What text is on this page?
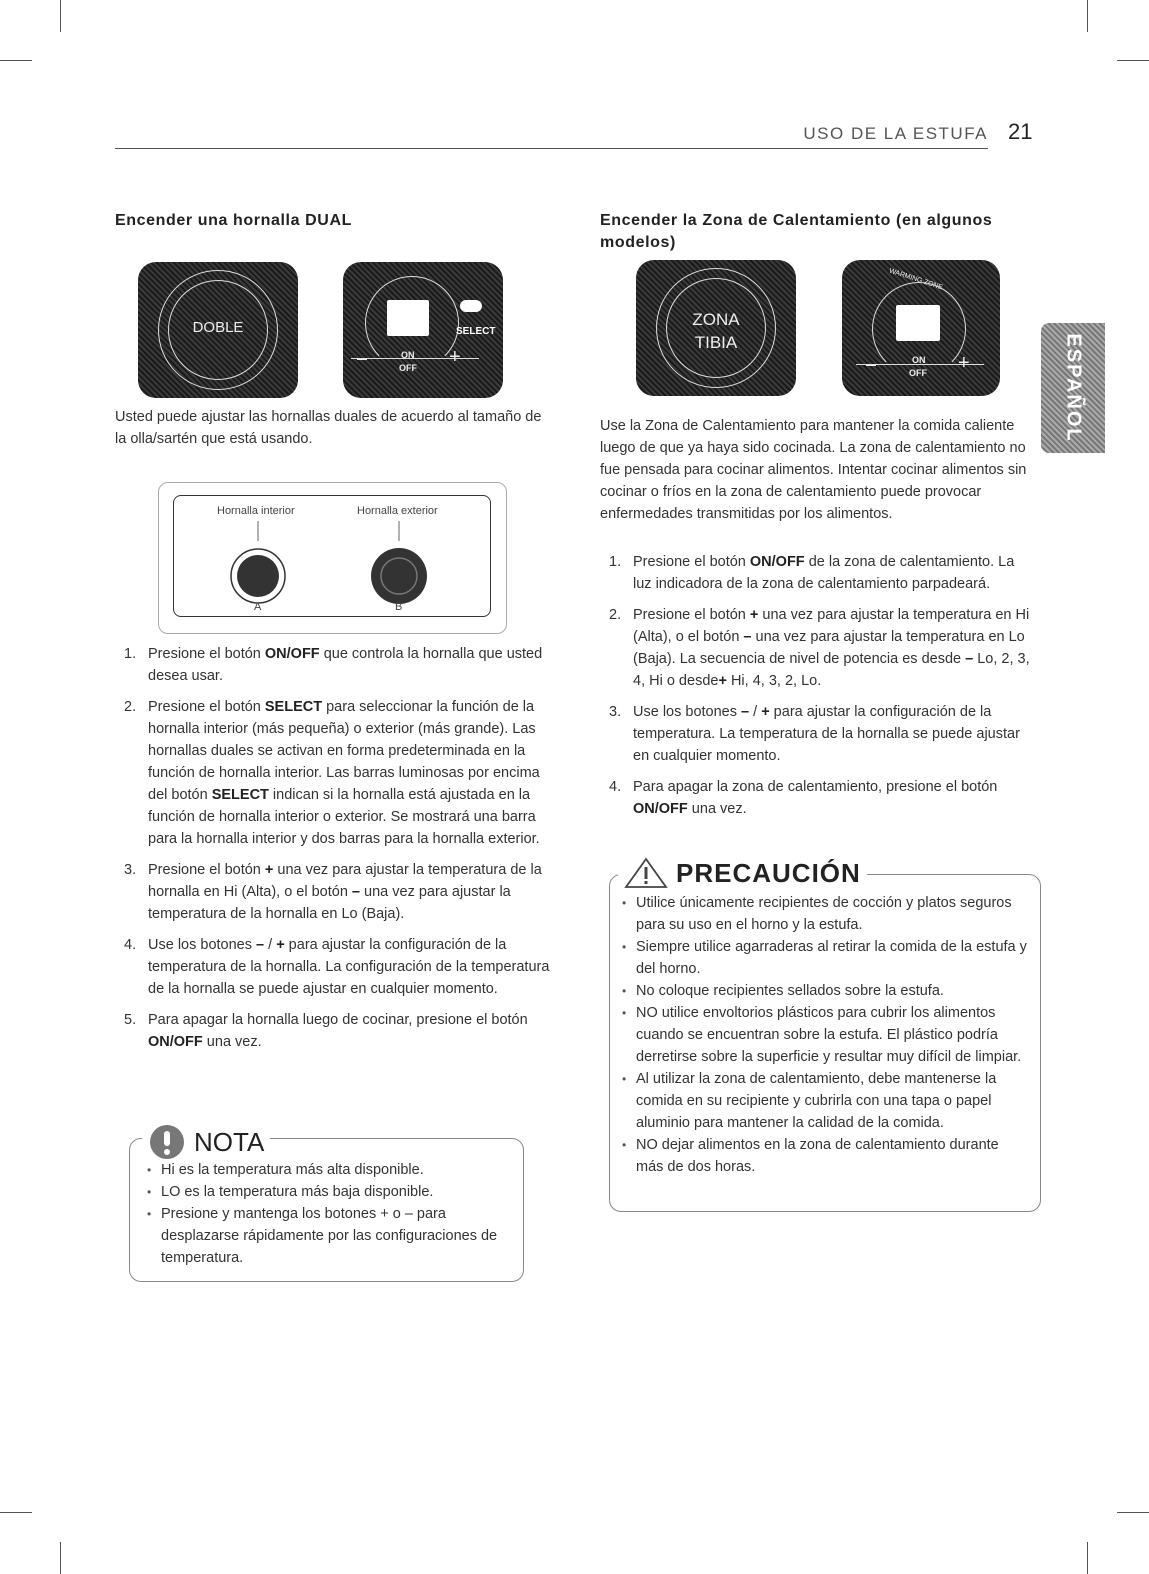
USO DE LA ESTUFA 21
ESPAÑOL
Encender una hornalla DUAL
DOBLE	SELECT
–	+
ON
OFF
Usted puede ajustar las hornallas duales de acuerdo al tamaño de la olla/sartén que está usando.
Hornalla interior	Hornalla exterior
A	B
1. Presione el botón ON/OFF que controla la hornalla que usted desea usar.
2. Presione el botón SELECT para seleccionar la función de la hornalla interior (más pequeña) o exterior (más grande). Las hornallas duales se activan en forma predeterminada en la función de hornalla interior. Las barras luminosas por encima del botón SELECT indican si la hornalla está ajustada en la función de hornalla interior o exterior. Se mostrará una barra para la hornalla interior y dos barras para la hornalla exterior.
3. Presione el botón + una vez para ajustar la temperatura de la hornalla en Hi (Alta), o el botón – una vez para ajustar la temperatura de la hornalla en Lo (Baja).
4. Use los botones – / + para ajustar la configuración de la temperatura de la hornalla. La configuración de la temperatura de la hornalla se puede ajustar en cualquier momento.
5. Para apagar la hornalla luego de cocinar, presione el botón ON/OFF una vez.
NOTA
• Hi es la temperatura más alta disponible.
• LO es la temperatura más baja disponible.
• Presione y mantenga los botones + o – para desplazarse rápidamente por las configuraciones de temperatura.
Encender la Zona de Calentamiento (en algunos modelos)
ZONA
TIBIA
WARMING ZONE
–	+
ON
OFF
Use la Zona de Calentamiento para mantener la comida caliente luego de que ya haya sido cocinada. La zona de calentamiento no fue pensada para cocinar alimentos. Intentar cocinar alimentos sin cocinar o fríos en la zona de calentamiento puede provocar enfermedades transmitidas por los alimentos.
1. Presione el botón ON/OFF de la zona de calentamiento. La luz indicadora de la zona de calentamiento parpadeará.
2. Presione el botón + una vez para ajustar la temperatura en Hi (Alta), o el botón – una vez para ajustar la temperatura en Lo (Baja). La secuencia de nivel de potencia es desde – Lo, 2, 3, 4, Hi o desde+ Hi, 4, 3, 2, Lo.
3. Use los botones – / + para ajustar la configuración de la temperatura. La temperatura de la hornalla se puede ajustar en cualquier momento.
4. Para apagar la zona de calentamiento, presione el botón ON/OFF una vez.
PRECAUCIÓN
• Utilice únicamente recipientes de cocción y platos seguros para su uso en el horno y la estufa.
• Siempre utilice agarraderas al retirar la comida de la estufa y del horno.
• No coloque recipientes sellados sobre la estufa.
• NO utilice envoltorios plásticos para cubrir los alimentos cuando se encuentran sobre la estufa. El plástico podría derretirse sobre la superficie y resultar muy difícil de limpiar.
• Al utilizar la zona de calentamiento, debe mantenerse la comida en su recipiente y cubrirla con una tapa o papel aluminio para mantener la calidad de la comida.
• NO dejar alimentos en la zona de calentamiento durante más de dos horas.
